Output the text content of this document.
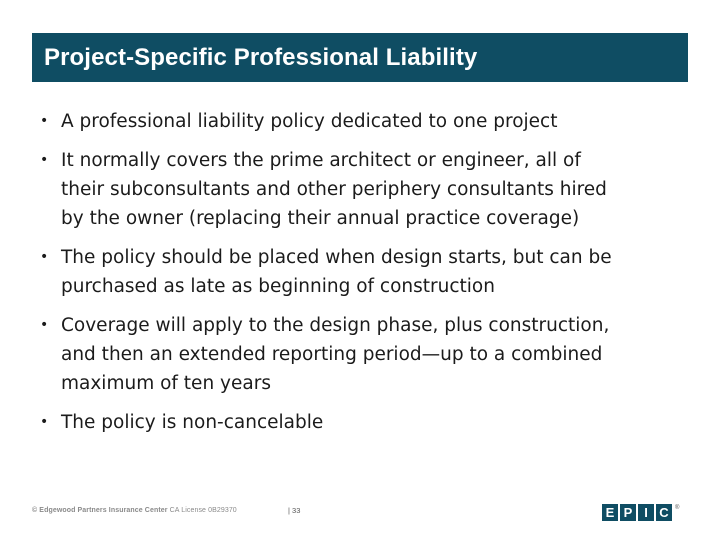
Project-Specific Professional Liability
• A professional liability policy dedicated to one project
• It normally covers the prime architect or engineer, all of
their subconsultants and other periphery consultants hired
by the owner (replacing their annual practice coverage)
• The policy should be placed when design starts, but can be
purchased as late as beginning of construction
• Coverage will apply to the design phase, plus construction,
and then an extended reporting period—up to a combined
maximum of ten years
• The policy is non-cancelable
© Edgewood Partners Insurance Center CA License 0B29370	| 33	E P I C	®
